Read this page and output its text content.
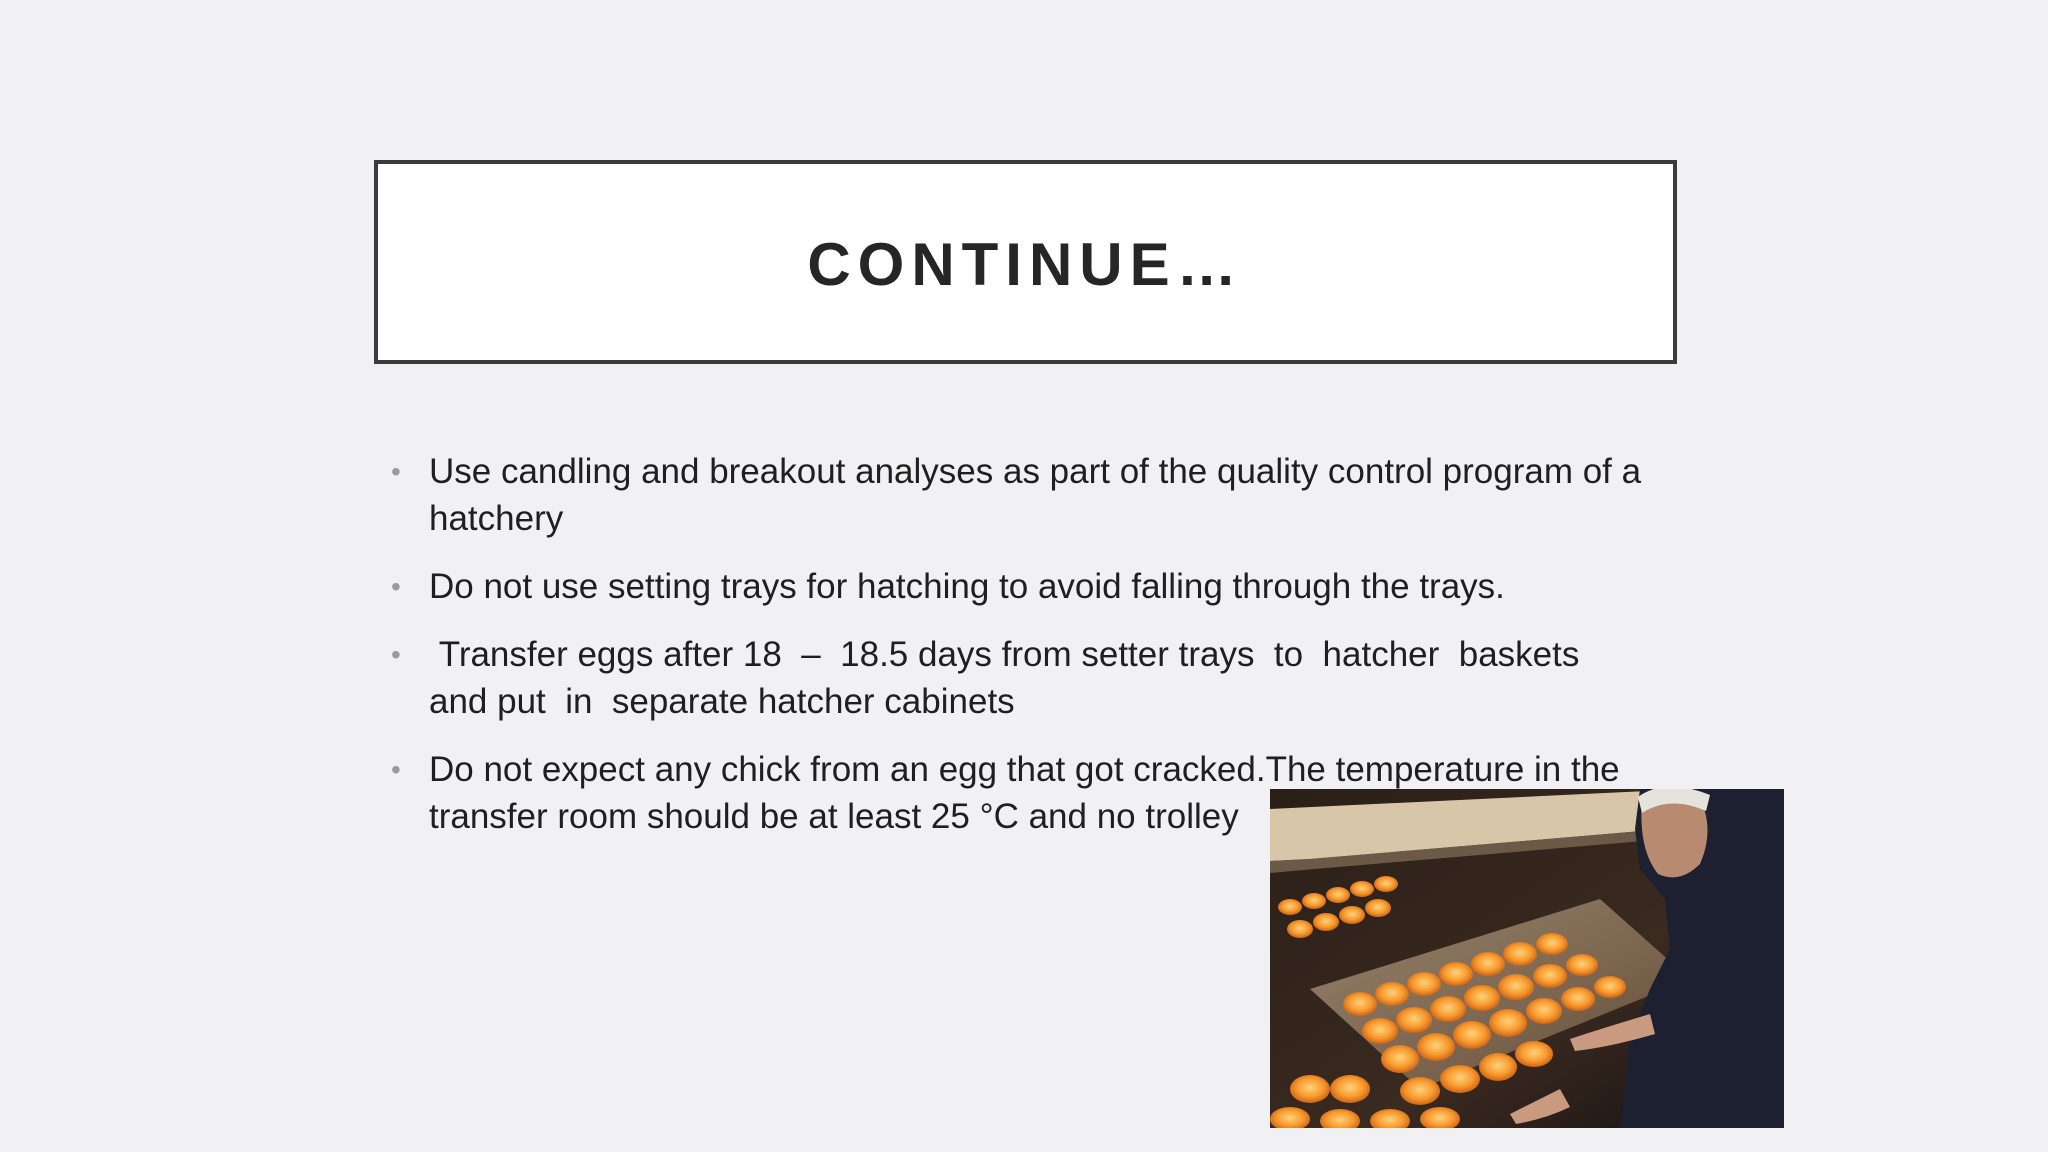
CONTINUE…
• Use candling and breakout analyses as part of the quality control program of a hatchery
• Do not use setting trays for hatching to avoid falling through the trays.
• Transfer eggs after 18  –  18.5 days from setter trays  to  hatcher  baskets  and put  in  separate hatcher cabinets
• Do not expect any chick from an egg that got cracked.The temperature in the transfer room should be at least 25 °C and no trolley
